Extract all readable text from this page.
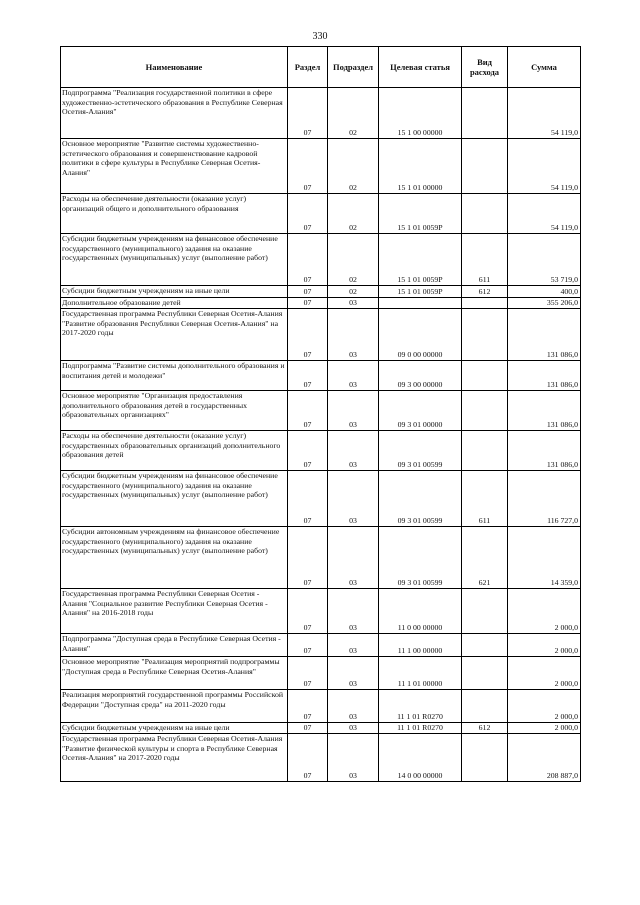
330
Наименование	Раздел	Подраздел	Целевая статья	Вид расхода	Сумма
Подпрограмма "Реализация государственной политики в сфере художественно-эстетического образования в Республике Северная Осетия-Алания"	07	02	15 1 00 00000		54 119,0
Основное мероприятие "Развитие системы художественно-эстетического образования и совершенствование кадровой политики в сфере культуры в Республике Северная Осетия-Алания"	07	02	15 1 01 00000		54 119,0
Расходы на обеспечение деятельности (оказание услуг) организаций общего и дополнительного образования	07	02	15 1 01 0059Р		54 119,0
Субсидии бюджетным учреждениям на финансовое обеспечение государственного (муниципального) задания на оказание государственных (муниципальных) услуг (выполнение работ)	07	02	15 1 01 0059Р	611	53 719,0
Субсидии бюджетным учреждениям на иные цели	07	02	15 1 01 0059Р	612	400,0
Дополнительное образование детей	07	03			355 206,0
Государственная программа Республики Северная Осетия-Алания "Развитие образования Республики Северная Осетия-Алания" на 2017-2020 годы	07	03	09 0 00 00000		131 086,0
Подпрограмма "Развитие системы дополнительного образования и воспитания детей и молодежи"	07	03	09 3 00 00000		131 086,0
Основное мероприятие "Организация предоставления дополнительного образования детей в государственных образовательных организациях"	07	03	09 3 01 00000		131 086,0
Расходы на обеспечение деятельности (оказание услуг) государственных образовательных организаций дополнительного образования детей	07	03	09 3 01 00599		131 086,0
Субсидии бюджетным учреждениям на финансовое обеспечение государственного (муниципального) задания на оказание государственных (муниципальных) услуг (выполнение работ)	07	03	09 3 01 00599	611	116 727,0
Субсидии автономным учреждениям на финансовое обеспечение государственного (муниципального) задания на оказание государственных (муниципальных) услуг (выполнение работ)	07	03	09 3 01 00599	621	14 359,0
Государственная программа Республики Северная Осетия - Алания "Социальное развитие Республики Северная Осетия - Алания" на 2016-2018 годы	07	03	11 0 00 00000		2 000,0
Подпрограмма "Доступная среда в Республике Северная Осетия - Алания"	07	03	11 1 00 00000		2 000,0
Основное мероприятие "Реализация мероприятий подпрограммы "Доступная среда в Республике Северная Осетия-Алания"	07	03	11 1 01 00000		2 000,0
Реализация мероприятий государственной программы Российской Федерации "Доступная среда" на 2011-2020 годы	07	03	11 1 01 R0270		2 000,0
Субсидии бюджетным учреждениям на иные цели	07	03	11 1 01 R0270	612	2 000,0
Государственная программа Республики Северная Осетия-Алания "Развитие физической культуры и спорта в Республике Северная Осетия-Алания" на 2017-2020 годы	07	03	14 0 00 00000		208 887,0
